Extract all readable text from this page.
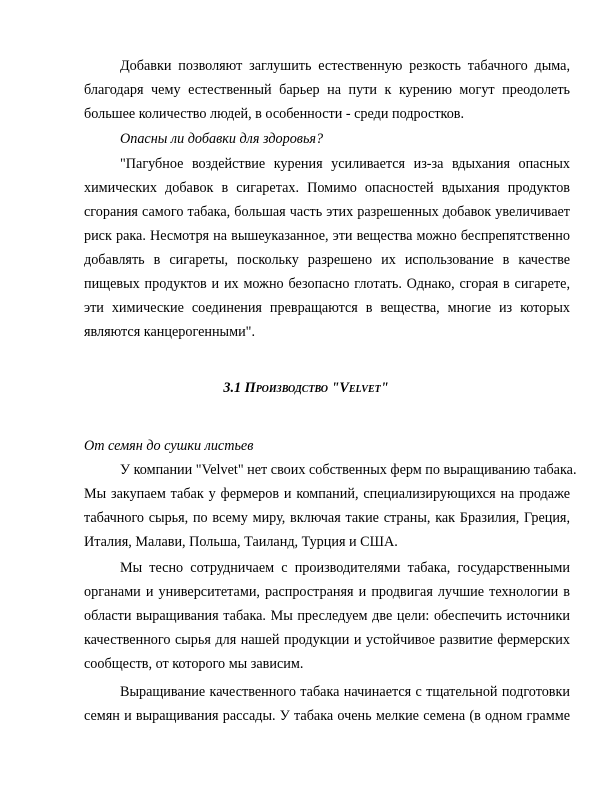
Добавки позволяют заглушить естественную резкость табачного дыма,
благодаря чему естественный барьер на пути к курению могут преодолеть
большее количество людей, в особенности - среди подростков.
Опасны ли добавки для здоровья?
"Пагубное воздействие курения усиливается из-за вдыхания опасных
химических добавок в сигаретах. Помимо опасностей вдыхания продуктов
сгорания самого табака, большая часть этих разрешенных добавок увеличивает
риск рака. Несмотря на вышеуказанное, эти вещества можно беспрепятственно
добавлять в сигареты, поскольку разрешено их использование в качестве
пищевых продуктов и их можно безопасно глотать. Однако, сгорая в сигарете,
эти химические соединения превращаются в вещества, многие из которых
являются канцерогенными".
3.1 Производство "Velvet"
От семян до сушки листьев
У компании "Velvet" нет своих собственных ферм по выращиванию табака.
Мы закупаем табак у фермеров и компаний, специализирующихся на продаже
табачного сырья, по всему миру, включая такие страны, как Бразилия, Греция,
Италия, Малави, Польша, Таиланд, Турция и США.
Мы тесно сотрудничаем с производителями табака, государственными
органами и университетами, распространяя и продвигая лучшие технологии в
области выращивания табака. Мы преследуем две цели: обеспечить источники
качественного сырья для нашей продукции и устойчивое развитие фермерских
сообществ, от которого мы зависим.
Выращивание качественного табака начинается с тщательной подготовки
семян и выращивания рассады. У табака очень мелкие семена (в одном грамме
